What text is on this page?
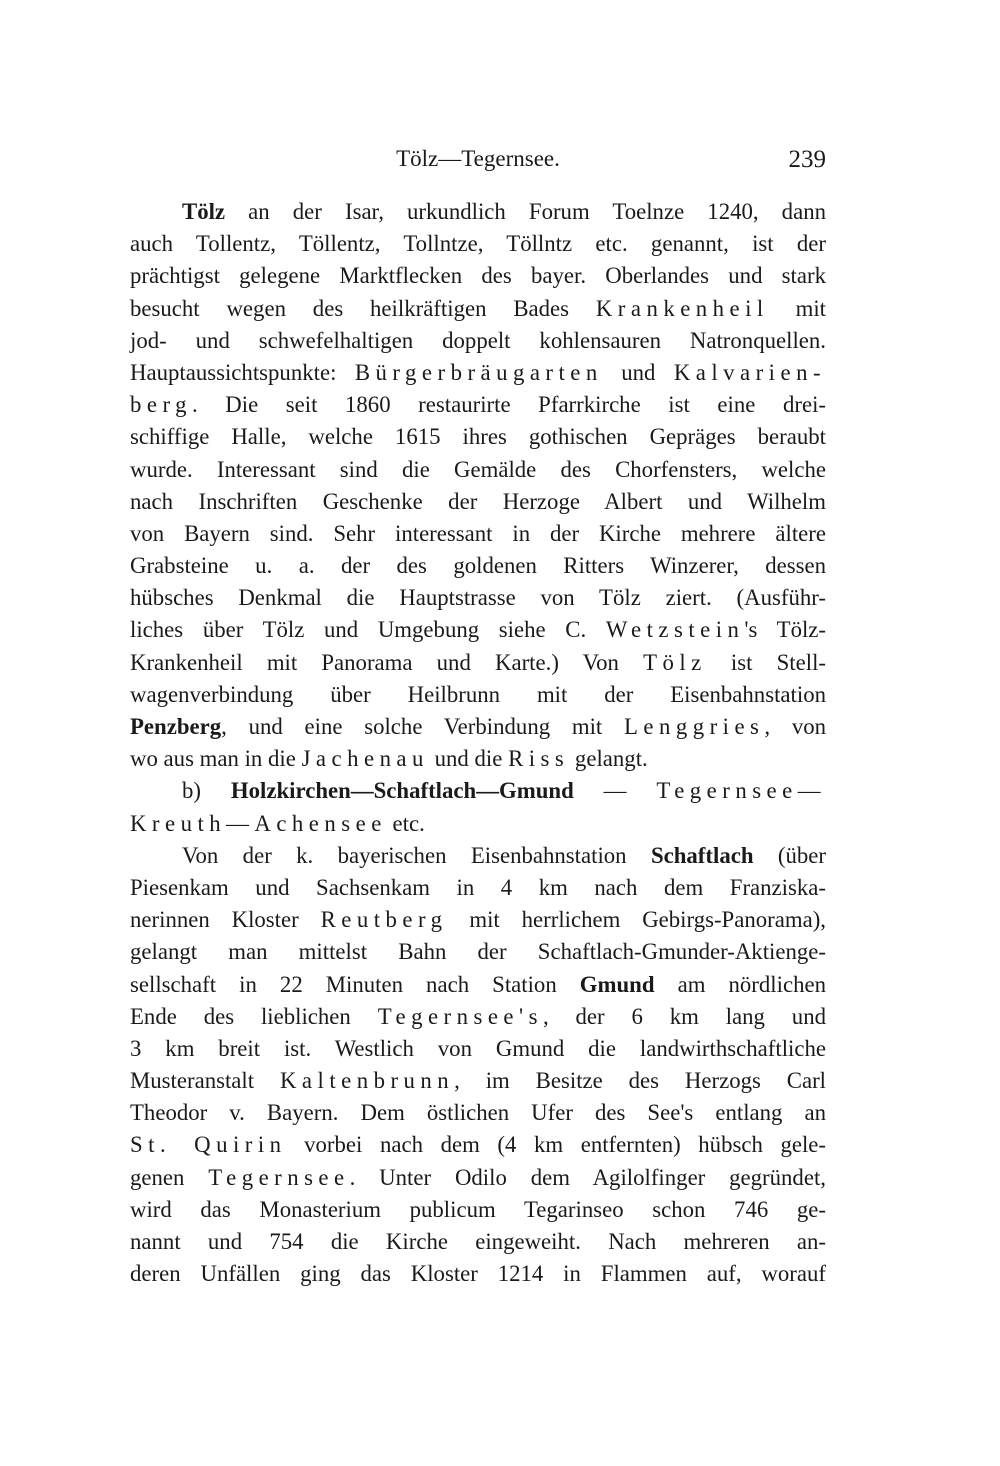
Tölz—Tegernsee.	239
Tölz an der Isar, urkundlich Forum Toelnze 1240, dann
auch Tollentz, Töllentz, Tollntze, Töllntz etc. genannt, ist der
prächtigst gelegene Marktflecken des bayer. Oberlandes und stark
besucht wegen des heilkräftigen Bades Krankenheil mit
jod- und schwefelhaltigen doppelt kohlensauren Natronquellen.
Hauptaussichtspunkte: Bürgerbräugarten und Kalvarien-
berg. Die seit 1860 restaurirte Pfarrkirche ist eine drei-
schiffige Halle, welche 1615 ihres gothischen Gepräges beraubt
wurde. Interessant sind die Gemälde des Chorfensters, welche
nach Inschriften Geschenke der Herzoge Albert und Wilhelm
von Bayern sind. Sehr interessant in der Kirche mehrere ältere
Grabsteine u. a. der des goldenen Ritters Winzerer, dessen
hübsches Denkmal die Hauptstrasse von Tölz ziert. (Ausführ-
liches über Tölz und Umgebung siehe C. Wetzstein's Tölz-
Krankenheil mit Panorama und Karte.) Von Tölz ist Stell-
wagenverbindung über Heilbrunn mit der Eisenbahnstation
Penzberg, und eine solche Verbindung mit Lenggries, von
wo aus man in die Jachenau und die Riss gelangt.
b) Holzkirchen—Schaftlach—Gmund — Tegernsee—
Kreuth—Achensee etc.
Von der k. bayerischen Eisenbahnstation Schaftlach (über
Piesenkam und Sachsenkam in 4 km nach dem Franziska-
nerinnen Kloster Reutberg mit herrlichem Gebirgs-Panorama),
gelangt man mittelst Bahn der Schaftlach-Gmunder-Aktienge-
sellschaft in 22 Minuten nach Station Gmund am nördlichen
Ende des lieblichen Tegernsee's, der 6 km lang und
3 km breit ist. Westlich von Gmund die landwirthschaftliche
Musteranstalt Kaltenbrunn, im Besitze des Herzogs Carl
Theodor v. Bayern. Dem östlichen Ufer des See's entlang an
St. Quirin vorbei nach dem (4 km entfernten) hübsch gele-
genen Tegernsee. Unter Odilo dem Agilolfinger gegründet,
wird das Monasterium publicum Tegarinseo schon 746 ge-
nannt und 754 die Kirche eingeweiht. Nach mehreren an-
deren Unfällen ging das Kloster 1214 in Flammen auf, worauf
